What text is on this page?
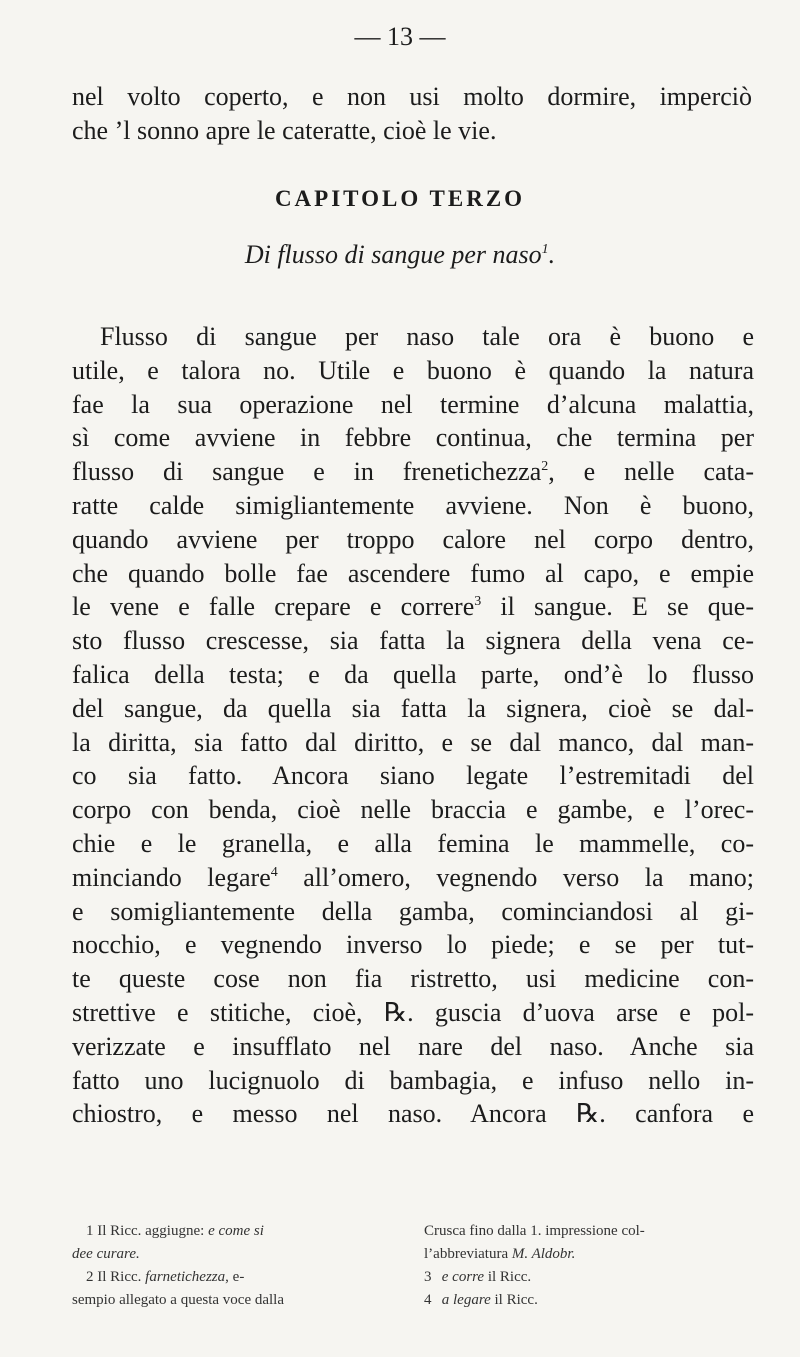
— 13 —
nel volto coperto, e non usi molto dormire, imperciò
che ’l sonno apre le cateratte, cioè le vie.
CAPITOLO TERZO
Di flusso di sangue per naso$^1$.
Flusso di sangue per naso tale ora è buono e
utile, e talora no. Utile e buono è quando la natura
fae la sua operazione nel termine d’alcuna malattia,
sì come avviene in febbre continua, che termina per
flusso di sangue e in frenetichezza$^2$, e nelle cata-
ratte calde simigliantemente avviene. Non è buono,
quando avviene per troppo calore nel corpo dentro,
che quando bolle fae ascendere fumo al capo, e empie
le vene e falle crepare e correre$^3$ il sangue. E se que-
sto flusso crescesse, sia fatta la signera della vena ce-
falica della testa; e da quella parte, ond’è lo flusso
del sangue, da quella sia fatta la signera, cioè se dal-
la diritta, sia fatto dal diritto, e se dal manco, dal man-
co sia fatto. Ancora siano legate l’estremitadi del
corpo con benda, cioè nelle braccia e gambe, e l’orec-
chie e le granella, e alla femina le mammelle, co-
minciando legare$^4$ all’omero, vegnendo verso la mano;
e somigliantemente della gamba, cominciandosi al gi-
nocchio, e vegnendo inverso lo piede; e se per tut-
te queste cose non fia ristretto, usi medicine con-
strettive e stitiche, cioè, ℞. guscia d’uova arse e pol-
verizzate e insufflato nel nare del naso. Anche sia
fatto uno lucignuolo di bambagia, e infuso nello in-
chiostro, e messo nel naso. Ancora ℞. canfora e
1 Il Ricc. aggiugne: e come si
dee curare.
2 Il Ricc. farnetichezza, e-
sempio allegato a questa voce dalla
Crusca fino dalla 1. impressione col-
l’abbreviatura M. Aldobr.
3 e corre il Ricc.
4 a legare il Ricc.
